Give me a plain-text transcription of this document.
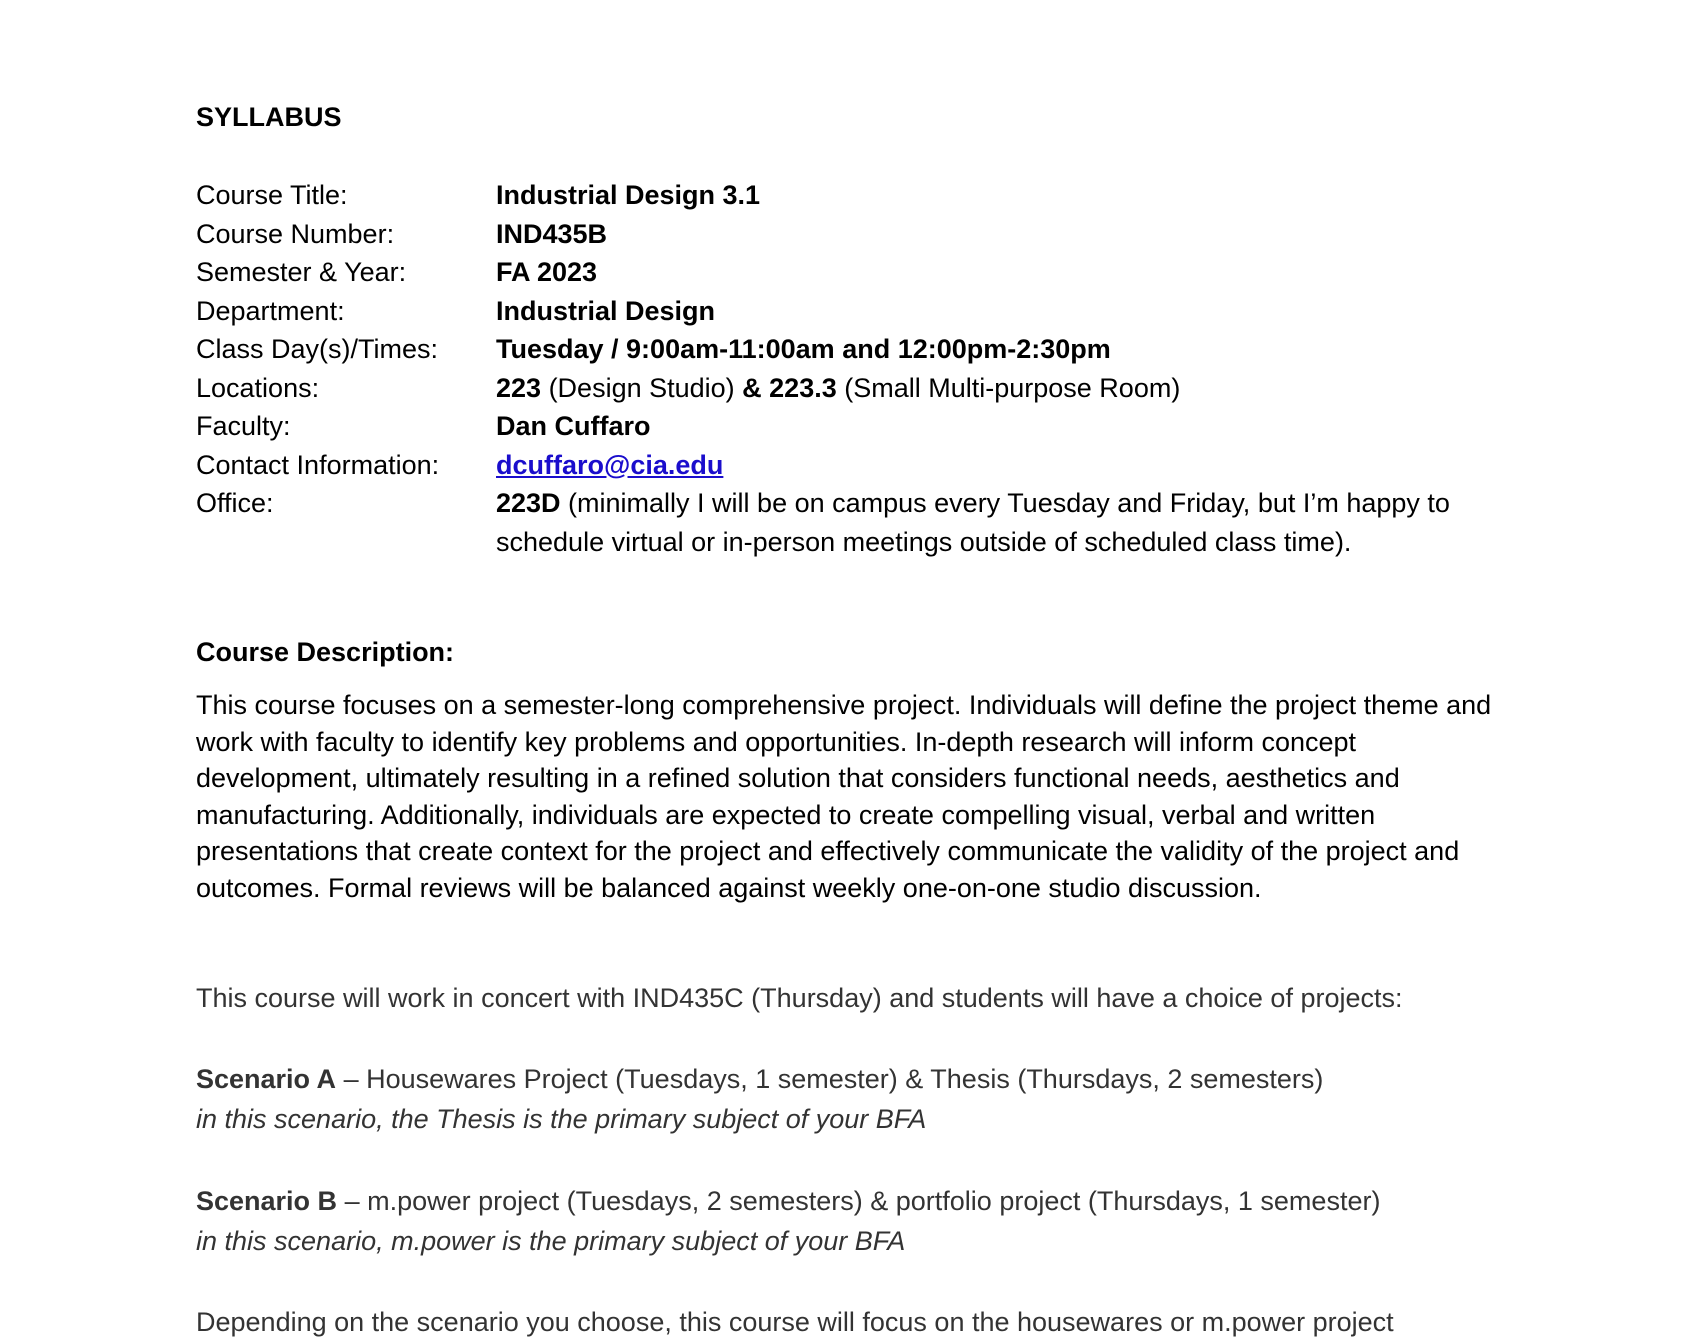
SYLLABUS
Course Title:	Industrial Design 3.1
Course Number:	IND435B
Semester & Year:	FA 2023
Department:	Industrial Design
Class Day(s)/Times:	Tuesday / 9:00am-11:00am and 12:00pm-2:30pm
Locations:	223 (Design Studio) & 223.3 (Small Multi-purpose Room)
Faculty:	Dan Cuffaro
Contact Information:	dcuffaro@cia.edu
Office:	223D (minimally I will be on campus every Tuesday and Friday, but I’m happy to schedule virtual or in-person meetings outside of scheduled class time).
Course Description:

This course focuses on a semester-long comprehensive project. Individuals will define the project theme and work with faculty to identify key problems and opportunities. In-depth research will inform concept development, ultimately resulting in a refined solution that considers functional needs, aesthetics and manufacturing. Additionally, individuals are expected to create compelling visual, verbal and written presentations that create context for the project and effectively communicate the validity of the project and outcomes. Formal reviews will be balanced against weekly one-on-one studio discussion.

This course will work in concert with IND435C (Thursday) and students will have a choice of projects:
Scenario A – Housewares Project (Tuesdays, 1 semester) & Thesis (Thursdays, 2 semesters)
in this scenario, the Thesis is the primary subject of your BFA
Scenario B – m.power project (Tuesdays, 2 semesters) & portfolio project (Thursdays, 1 semester)
in this scenario, m.power is the primary subject of your BFA
Depending on the scenario you choose, this course will focus on the housewares or m.power project
